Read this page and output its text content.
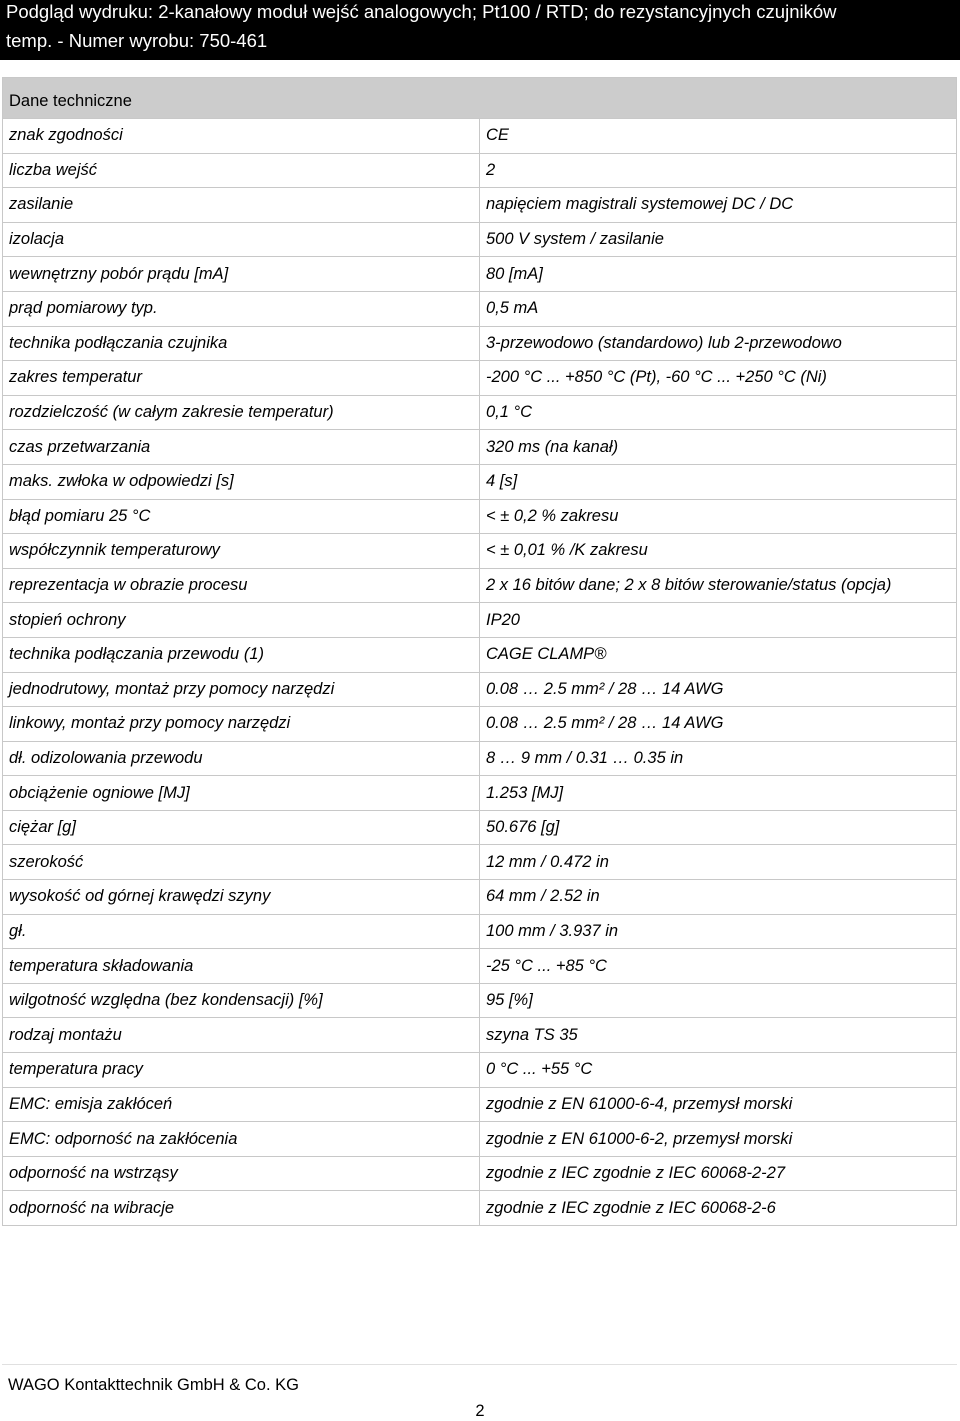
Podgląd wydruku: 2-kanałowy moduł wejść analogowych; Pt100 / RTD; do rezystancyjnych czujników
temp. - Numer wyrobu: 750-461
Dane techniczne	
znak zgodności	CE
liczba wejść	2
zasilanie	napięciem magistrali systemowej DC / DC
izolacja	500 V system / zasilanie
wewnętrzny pobór prądu [mA]	80 [mA]
prąd pomiarowy typ.	0,5 mA
technika podłączania czujnika	3-przewodowo (standardowo) lub 2-przewodowo
zakres temperatur	-200 °C ... +850 °C (Pt), -60 °C ... +250 °C (Ni)
rozdzielczość (w całym zakresie temperatur)	0,1 °C
czas przetwarzania	320 ms (na kanał)
maks. zwłoka w odpowiedzi [s]	4 [s]
błąd pomiaru 25 °C	< ± 0,2 % zakresu
współczynnik temperaturowy	< ± 0,01 % /K zakresu
reprezentacja w obrazie procesu	2 x 16 bitów dane; 2 x 8 bitów sterowanie/status (opcja)
stopień ochrony	IP20
technika podłączania przewodu (1)	CAGE CLAMP®
jednodrutowy, montaż przy pomocy narzędzi	0.08 … 2.5 mm² / 28 … 14 AWG
linkowy, montaż przy pomocy narzędzi	0.08 … 2.5 mm² / 28 … 14 AWG
dł. odizolowania przewodu	8 … 9 mm / 0.31 … 0.35 in
obciążenie ogniowe [MJ]	1.253 [MJ]
ciężar [g]	50.676 [g]
szerokość	12 mm / 0.472 in
wysokość od górnej krawędzi szyny	64 mm / 2.52 in
gł.	100 mm / 3.937 in
temperatura składowania	-25 °C ... +85 °C
wilgotność względna (bez kondensacji) [%]	95 [%]
rodzaj montażu	szyna TS 35
temperatura pracy	0 °C ... +55 °C
EMC: emisja zakłóceń	zgodnie z EN 61000-6-4, przemysł morski
EMC: odporność na zakłócenia	zgodnie z EN 61000-6-2, przemysł morski
odporność na wstrząsy	zgodnie z IEC zgodnie z IEC 60068-2-27
odporność na wibracje	zgodnie z IEC zgodnie z IEC 60068-2-6
WAGO Kontakttechnik GmbH & Co. KG
2
